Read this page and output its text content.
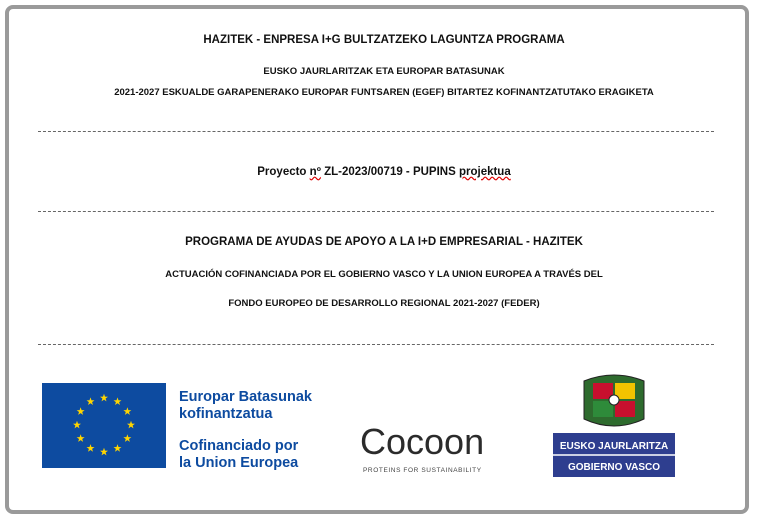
HAZITEK - ENPRESA I+G BULTZATZEKO LAGUNTZA PROGRAMA
EUSKO JAURLARITZAK ETA EUROPAR BATASUNAK
2021-2027 ESKUALDE GARAPENERAKO EUROPAR FUNTSAREN (EGEF) BITARTEZ KOFINANTZATUTAKO ERAGIKETA
Proyecto nº ZL-2023/00719 - PUPINS projektua
PROGRAMA DE AYUDAS DE APOYO A LA I+D EMPRESARIAL - HAZITEK
ACTUACIÓN COFINANCIADA POR EL GOBIERNO VASCO Y LA UNION EUROPEA A TRAVÉS DEL
FONDO EUROPEO DE DESARROLLO REGIONAL 2021-2027 (FEDER)
Europar Batasunak
kofinantzatua
Cofinanciado por
la Union Europea
Cocoon
PROTEINS FOR SUSTAINABILITY
EUSKO JAURLARITZA
GOBIERNO VASCO
